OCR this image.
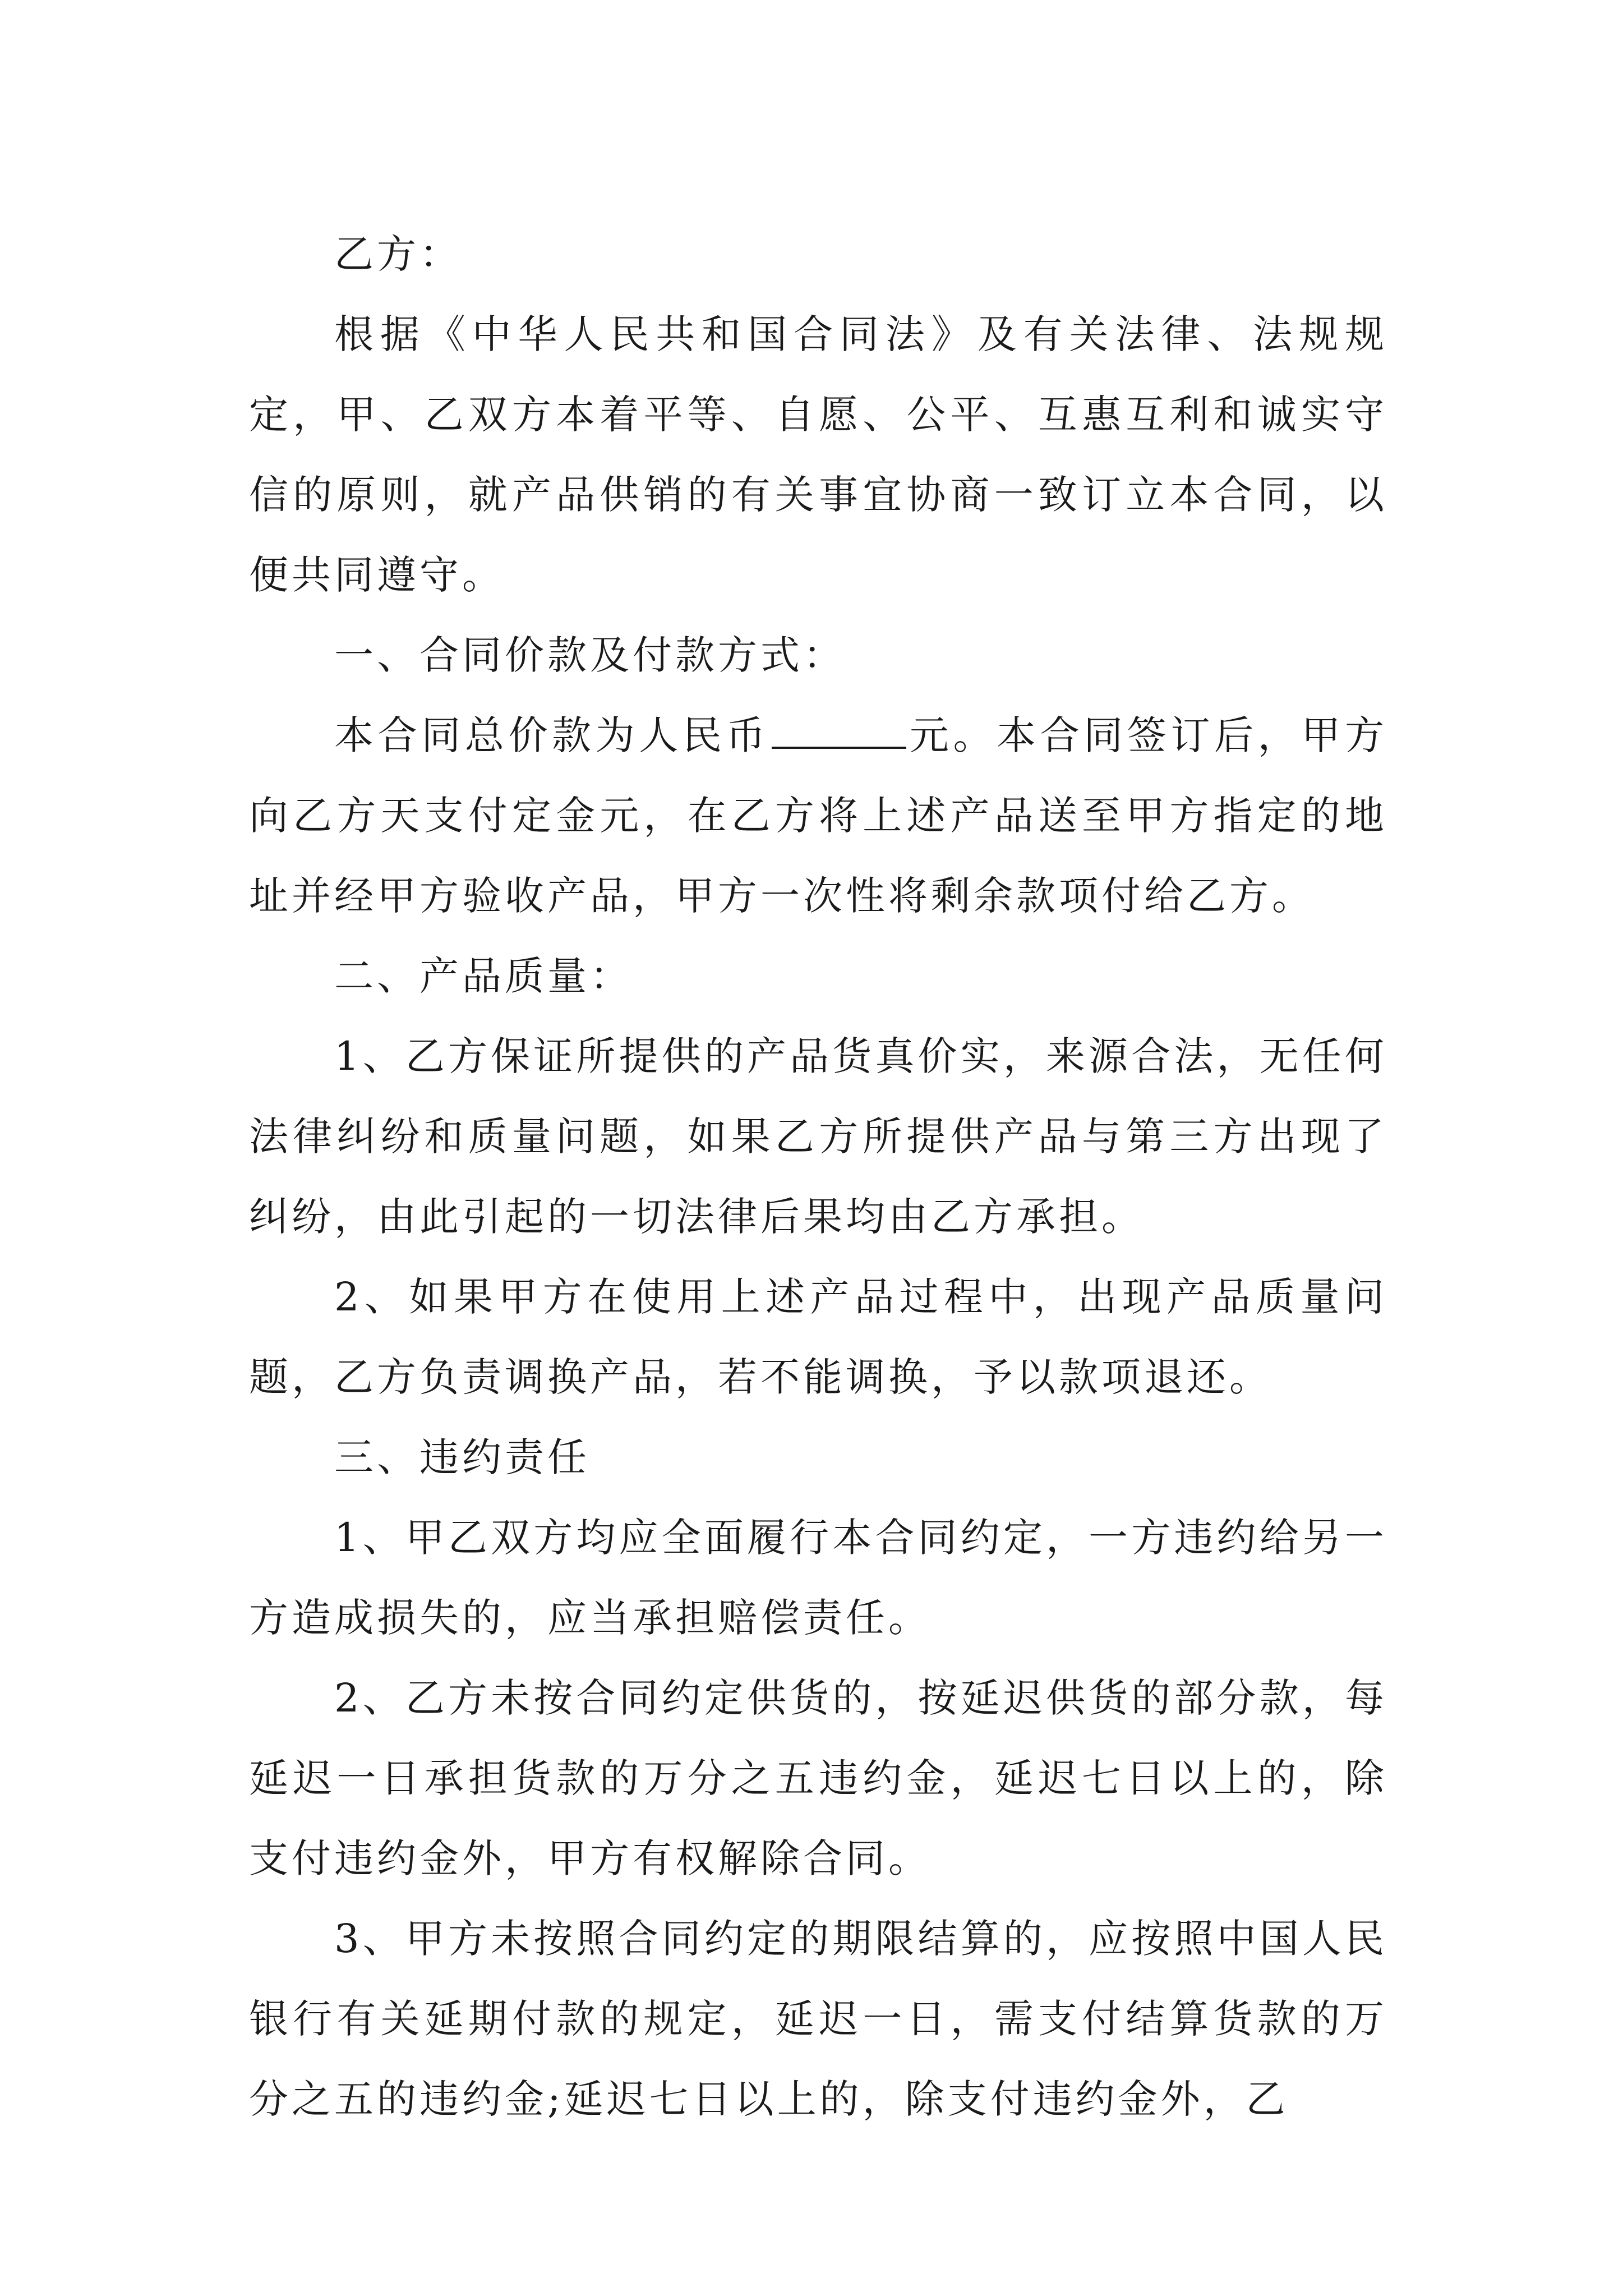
乙方：

根据《中华人民共和国合同法》及有关法律、法规规定，甲、乙双方本着平等、自愿、公平、互惠互利和诚实守信的原则，就产品供销的有关事宜协商一致订立本合同，以便共同遵守。

一、合同价款及付款方式：

本合同总价款为人民币	元。本合同签订后，甲方向乙方天支付定金元，在乙方将上述产品送至甲方指定的地址并经甲方验收产品，甲方一次性将剩余款项付给乙方。

二、产品质量：

1、乙方保证所提供的产品货真价实，来源合法，无任何法律纠纷和质量问题，如果乙方所提供产品与第三方出现了纠纷，由此引起的一切法律后果均由乙方承担。

2、如果甲方在使用上述产品过程中，出现产品质量问题，乙方负责调换产品，若不能调换，予以款项退还。

三、违约责任

1、甲乙双方均应全面履行本合同约定，一方违约给另一方造成损失的，应当承担赔偿责任。

2、乙方未按合同约定供货的，按延迟供货的部分款，每延迟一日承担货款的万分之五违约金，延迟七日以上的，除支付违约金外，甲方有权解除合同。

3、甲方未按照合同约定的期限结算的，应按照中国人民银行有关延期付款的规定，延迟一日，需支付结算货款的万分之五的违约金;延迟七日以上的，除支付违约金外，乙
